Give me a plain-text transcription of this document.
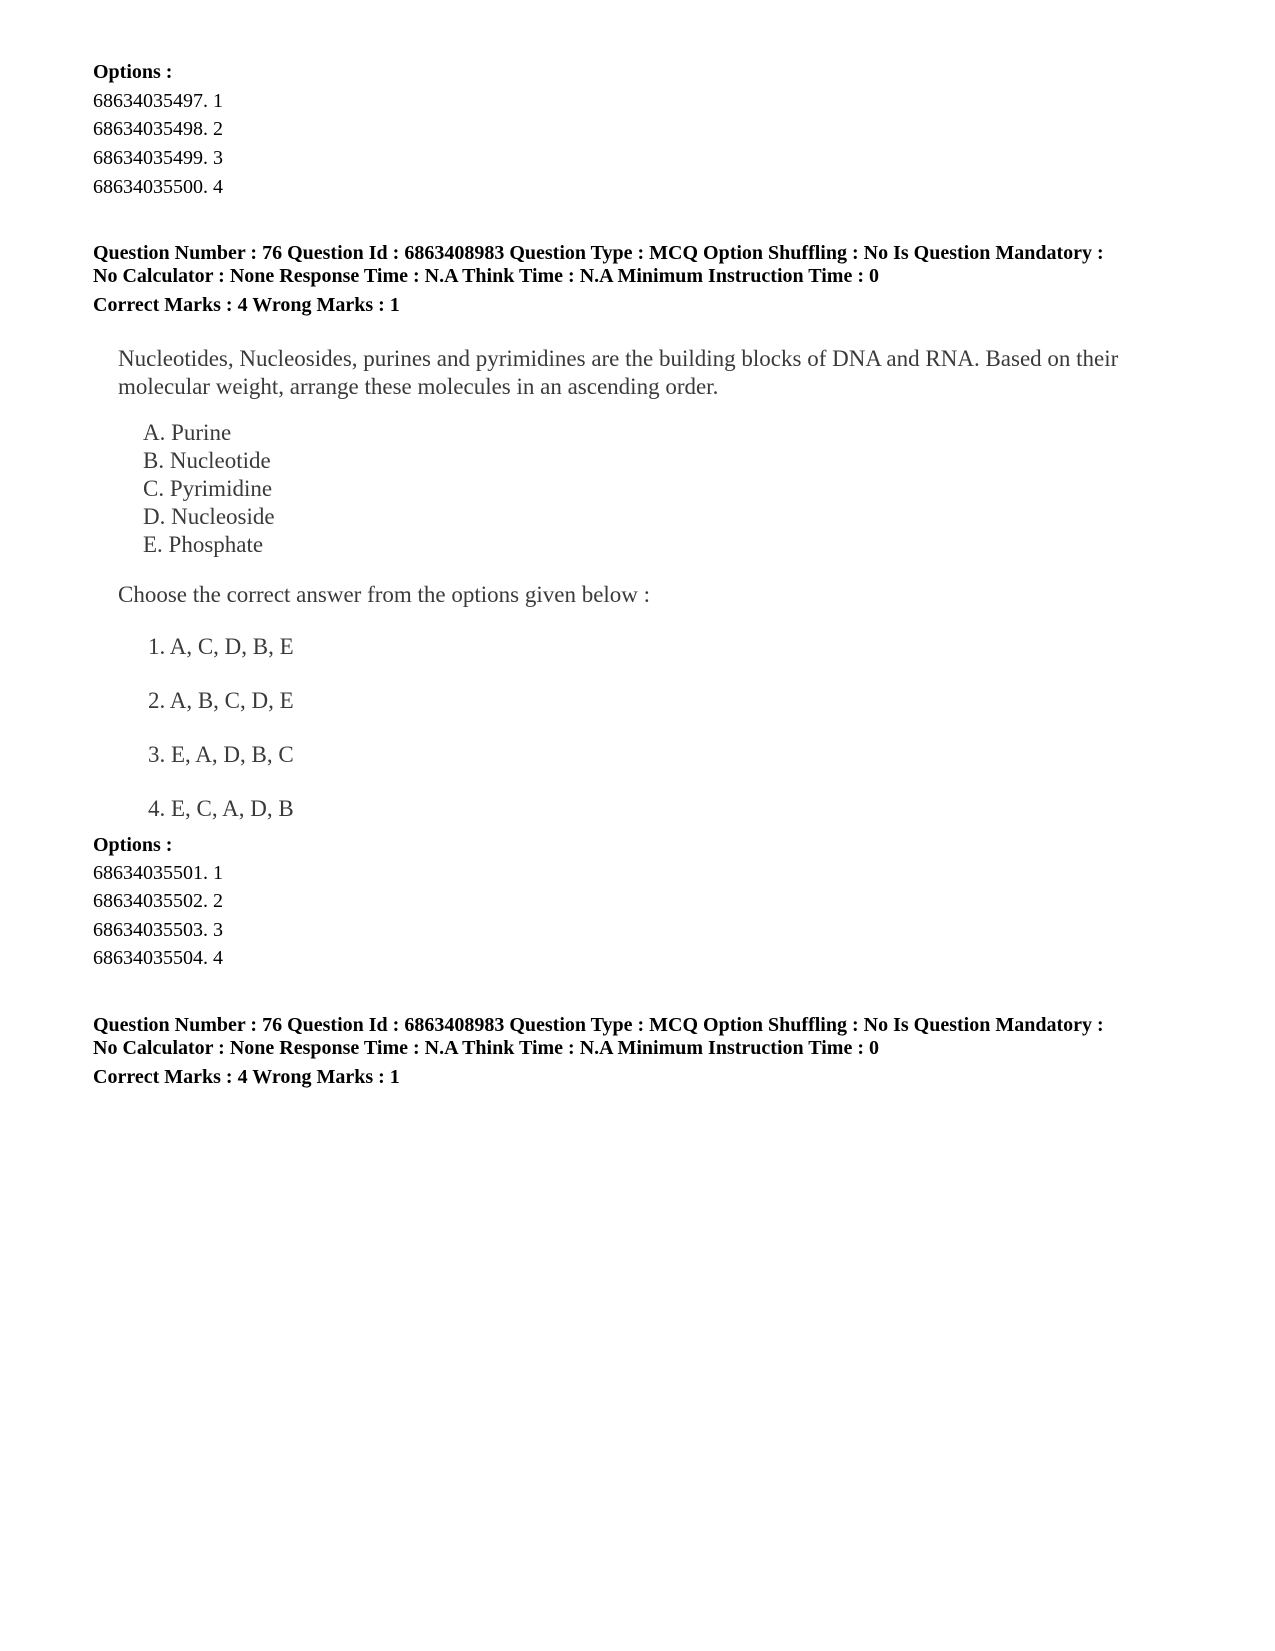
Options :
68634035497. 1
68634035498. 2
68634035499. 3
68634035500. 4
Question Number : 76 Question Id : 6863408983 Question Type : MCQ Option Shuffling : No Is Question Mandatory :
No Calculator : None Response Time : N.A Think Time : N.A Minimum Instruction Time : 0
Correct Marks : 4 Wrong Marks : 1

Nucleotides, Nucleosides, purines and pyrimidines are the building blocks of DNA and RNA. Based on their molecular weight, arrange these molecules in an ascending order.

A. Purine
B. Nucleotide
C. Pyrimidine
D. Nucleoside
E. Phosphate
Choose the correct answer from the options given below :
1. A, C, D, B, E
2. A, B, C, D, E
3. E, A, D, B, C
4. E, C, A, D, B
Options :
68634035501. 1
68634035502. 2
68634035503. 3
68634035504. 4
Question Number : 76 Question Id : 6863408983 Question Type : MCQ Option Shuffling : No Is Question Mandatory :
No Calculator : None Response Time : N.A Think Time : N.A Minimum Instruction Time : 0
Correct Marks : 4 Wrong Marks : 1
